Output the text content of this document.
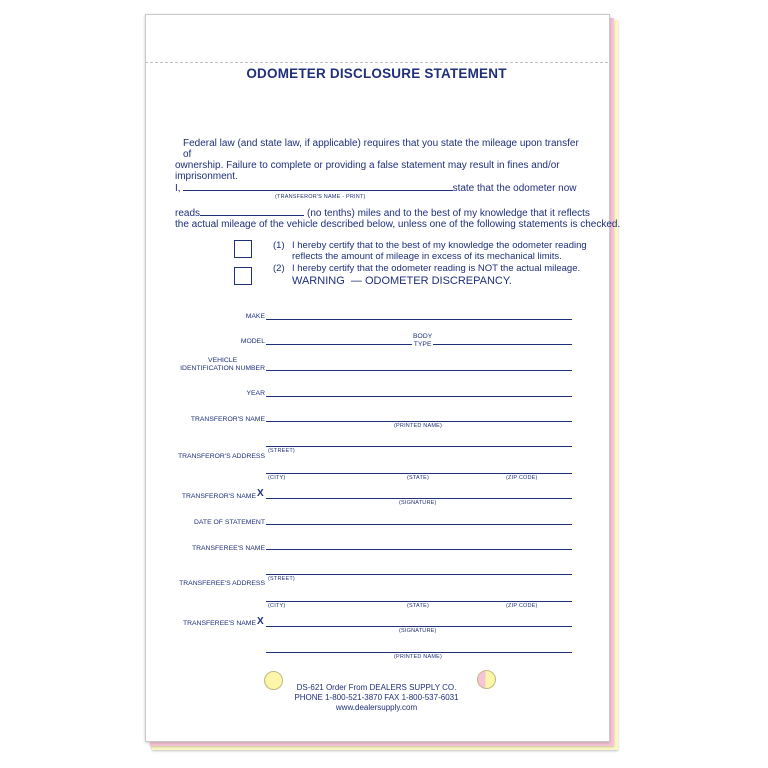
ODOMETER DISCLOSURE STATEMENT
Federal law (and state law, if applicable) requires that you state the mileage upon transfer of
ownership. Failure to complete or providing a false statement may result in fines and/or
imprisonment.
I,	state that the odometer now
(TRANSFEROR'S NAME - PRINT)
reads	(no tenths) miles and to the best of my knowledge that it reflects
the actual mileage of the vehicle described below, unless one of the following statements is checked.
(1) I hereby certify that to the best of my knowledge the odometer reading
reflects the amount of mileage in excess of its mechanical limits.
(2) I hereby certify that the odometer reading is NOT the actual mileage.
WARNING — ODOMETER DISCREPANCY.
MAKE
MODEL
BODY
TYPE
VEHICLE
IDENTIFICATION NUMBER
YEAR
TRANSFEROR'S NAME
(PRINTED NAME)
(STREET)
TRANSFEROR'S ADDRESS
(CITY)	(STATE)	(ZIP CODE)
TRANSFEROR'S NAME X
(SIGNATURE)
DATE OF STATEMENT
TRANSFEREE'S NAME
(STREET)
TRANSFEREE'S ADDRESS
(CITY)	(STATE)	(ZIP CODE)
TRANSFEREE'S NAME X
(SIGNATURE)
(PRINTED NAME)
DS-621 Order From DEALERS SUPPLY CO.
PHONE 1-800-521-3870 FAX 1-800-537-6031
www.dealersupply.com
